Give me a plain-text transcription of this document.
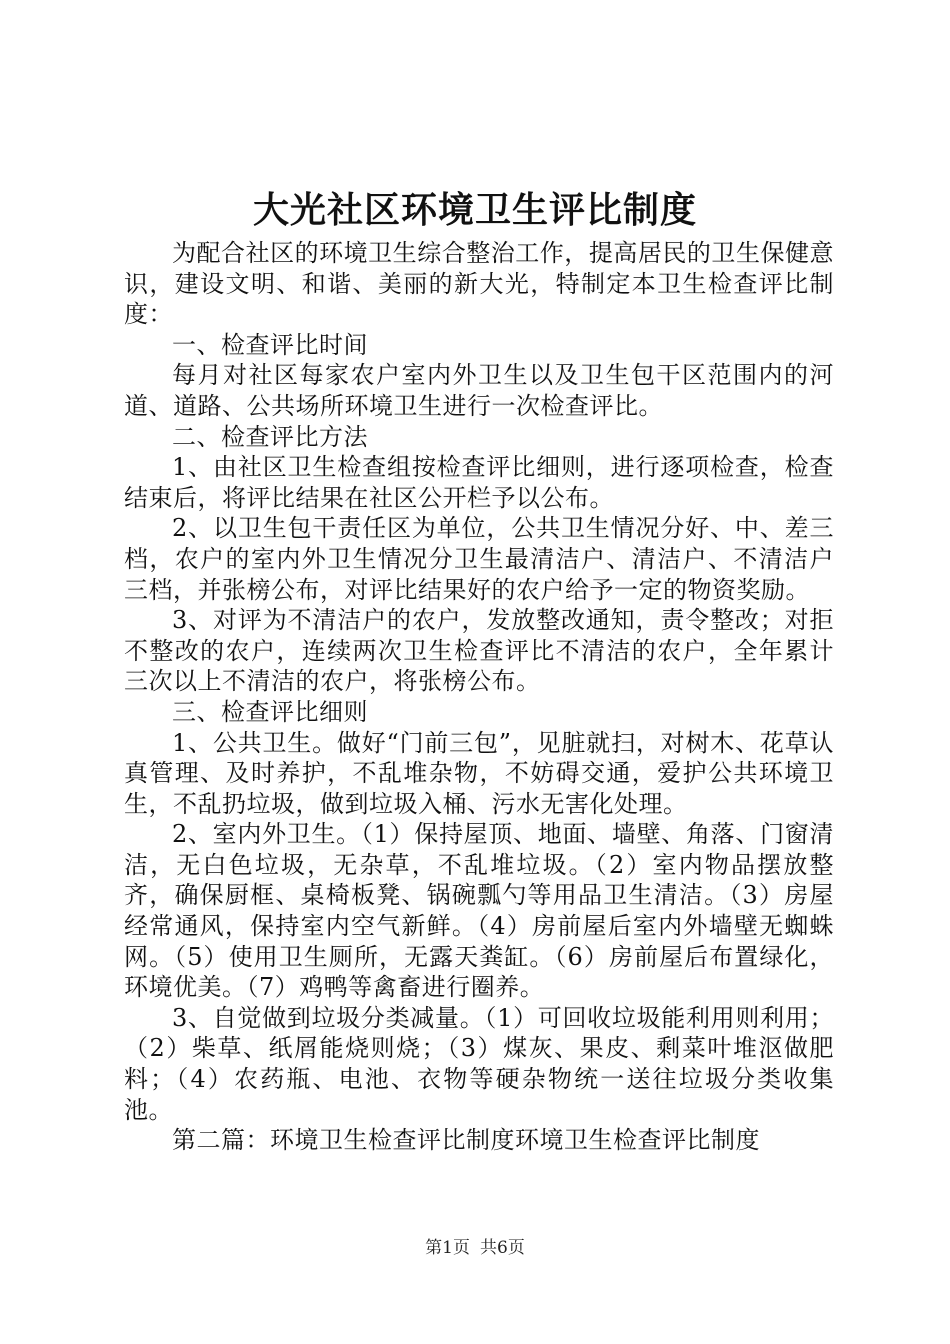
大光社区环境卫生评比制度

为配合社区的环境卫生综合整治工作，提高居民的卫生保健意识，建设文明、和谐、美丽的新大光，特制定本卫生检查评比制度：

一、检查评比时间

每月对社区每家农户室内外卫生以及卫生包干区范围内的河道、道路、公共场所环境卫生进行一次检查评比。

二、检查评比方法

1、由社区卫生检查组按检查评比细则，进行逐项检查，检查结束后，将评比结果在社区公开栏予以公布。

2、以卫生包干责任区为单位，公共卫生情况分好、中、差三档，农户的室内外卫生情况分卫生最清洁户、清洁户、不清洁户三档，并张榜公布，对评比结果好的农户给予一定的物资奖励。

3、对评为不清洁户的农户，发放整改通知，责令整改；对拒不整改的农户，连续两次卫生检查评比不清洁的农户，全年累计三次以上不清洁的农户，将张榜公布。

三、检查评比细则

1、公共卫生。做好“门前三包”，见脏就扫，对树木、花草认真管理、及时养护，不乱堆杂物，不妨碍交通，爱护公共环境卫生，不乱扔垃圾，做到垃圾入桶、污水无害化处理。

2、室内外卫生。（1）保持屋顶、地面、墙壁、角落、门窗清洁，无白色垃圾，无杂草，不乱堆垃圾。（2）室内物品摆放整齐，确保厨框、桌椅板凳、锅碗瓢勺等用品卫生清洁。（3）房屋经常通风，保持室内空气新鲜。（4）房前屋后室内外墙壁无蜘蛛网。（5）使用卫生厕所，无露天粪缸。（6）房前屋后布置绿化，环境优美。（7）鸡鸭等禽畜进行圈养。

3、自觉做到垃圾分类减量。（1）可回收垃圾能利用则利用；（2）柴草、纸屑能烧则烧；（3）煤灰、果皮、剩菜叶堆沤做肥料；（4）农药瓶、电池、衣物等硬杂物统一送往垃圾分类收集池。

第二篇：环境卫生检查评比制度环境卫生检查评比制度

第1页 共6页
